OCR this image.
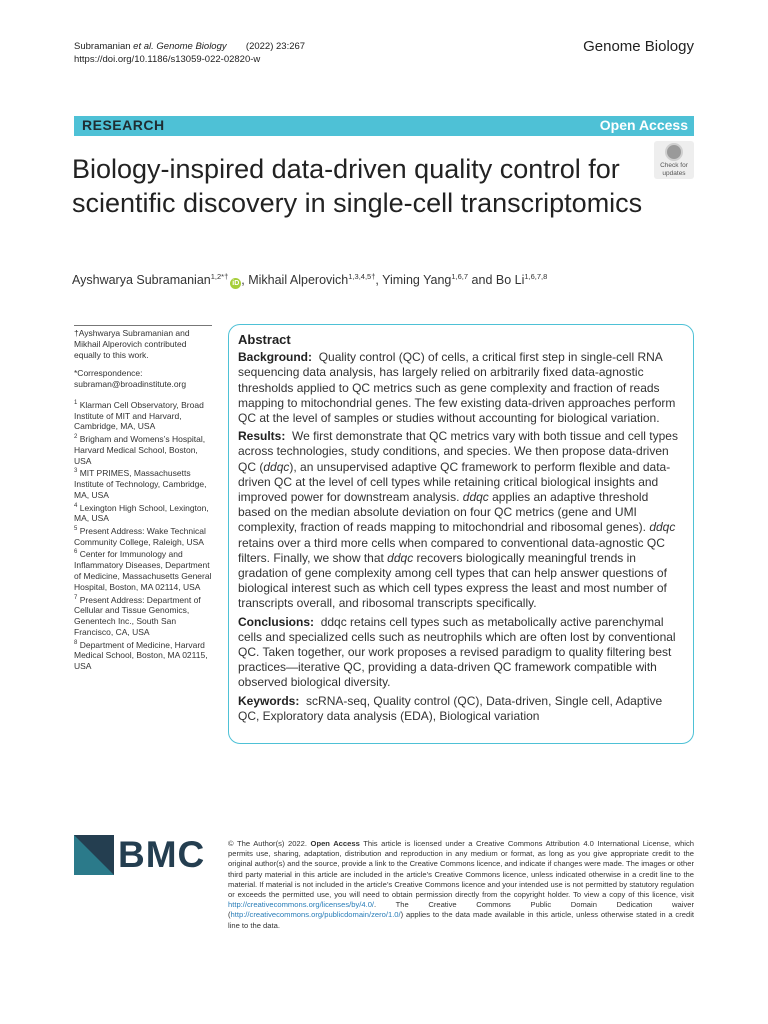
Subramanian et al. Genome Biology (2022) 23:267
https://doi.org/10.1186/s13059-022-02820-w
Genome Biology
RESEARCH	Open Access
Check for
updates
Biology-inspired data-driven quality control for scientific discovery in single-cell transcriptomics
Ayshwarya Subramanian$^{1,2*\dagger}$iD , Mikhail Alperovich$^{1,3,4,5\dagger}$, Yiming Yang$^{1,6,7}$ and Bo Li$^{1,6,7,8}$

†Ayshwarya Subramanian and Mikhail Alperovich contributed equally to this work.

*Correspondence:

subraman@broadinstitute.org

$^1$ Klarman Cell Observatory, Broad Institute of MIT and Harvard, Cambridge, MA, USA

$^2$ Brigham and Womens’s Hospital, Harvard Medical School, Boston, USA

$^3$ MIT PRIMES, Massachusetts Institute of Technology, Cambridge, MA, USA

$^4$ Lexington High School, Lexington, MA, USA

$^5$ Present Address: Wake Technical Community College, Raleigh, USA

$^6$ Center for Immunology and Inflammatory Diseases, Department of Medicine, Massachusetts General Hospital, Boston, MA 02114, USA

$^7$ Present Address: Department of Cellular and Tissue Genomics, Genentech Inc., South San Francisco, CA, USA

$^8$ Department of Medicine, Harvard Medical School, Boston, MA 02115, USA

Abstract
Background: Quality control (QC) of cells, a critical first step in single-cell RNA sequencing data analysis, has largely relied on arbitrarily fixed data-agnostic thresholds applied to QC metrics such as gene complexity and fraction of reads mapping to mitochondrial genes. The few existing data-driven approaches perform QC at the level of samples or studies without accounting for biological variation.
Results: We first demonstrate that QC metrics vary with both tissue and cell types across technologies, study conditions, and species. We then propose data-driven QC (ddqc), an unsupervised adaptive QC framework to perform flexible and data-driven QC at the level of cell types while retaining critical biological insights and improved power for downstream analysis. ddqc applies an adaptive threshold based on the median absolute deviation on four QC metrics (gene and UMI complexity, fraction of reads mapping to mitochondrial and ribosomal genes). ddqc retains over a third more cells when compared to conventional data-agnostic QC filters. Finally, we show that ddqc recovers biologically meaningful trends in gradation of gene complexity among cell types that can help answer questions of biological interest such as which cell types express the least and most number of transcripts overall, and ribosomal transcripts specifically.
Conclusions: ddqc retains cell types such as metabolically active parenchymal cells and specialized cells such as neutrophils which are often lost by conventional QC. Taken together, our work proposes a revised paradigm to quality filtering best practices—iterative QC, providing a data-driven QC framework compatible with observed biological diversity.
Keywords: scRNA-seq, Quality control (QC), Data-driven, Single cell, Adaptive QC, Exploratory data analysis (EDA), Biological variation
BMC	© The Author(s) 2022. Open Access This article is licensed under a Creative Commons Attribution 4.0 International License, which permits use, sharing, adaptation, distribution and reproduction in any medium or format, as long as you give appropriate credit to the original author(s) and the source, provide a link to the Creative Commons licence, and indicate if changes were made. The images or other third party material in this article are included in the article’s Creative Commons licence, unless indicated otherwise in a credit line to the material. If material is not included in the article’s Creative Commons licence and your intended use is not permitted by statutory regulation or exceeds the permitted use, you will need to obtain permission directly from the copyright holder. To view a copy of this licence, visit http://creativecommons.org/licenses/by/4.0/. The Creative Commons Public Domain Dedication waiver (http://creativecommons.org/publicdomain/zero/1.0/) applies to the data made available in this article, unless otherwise stated in a credit line to the data.
